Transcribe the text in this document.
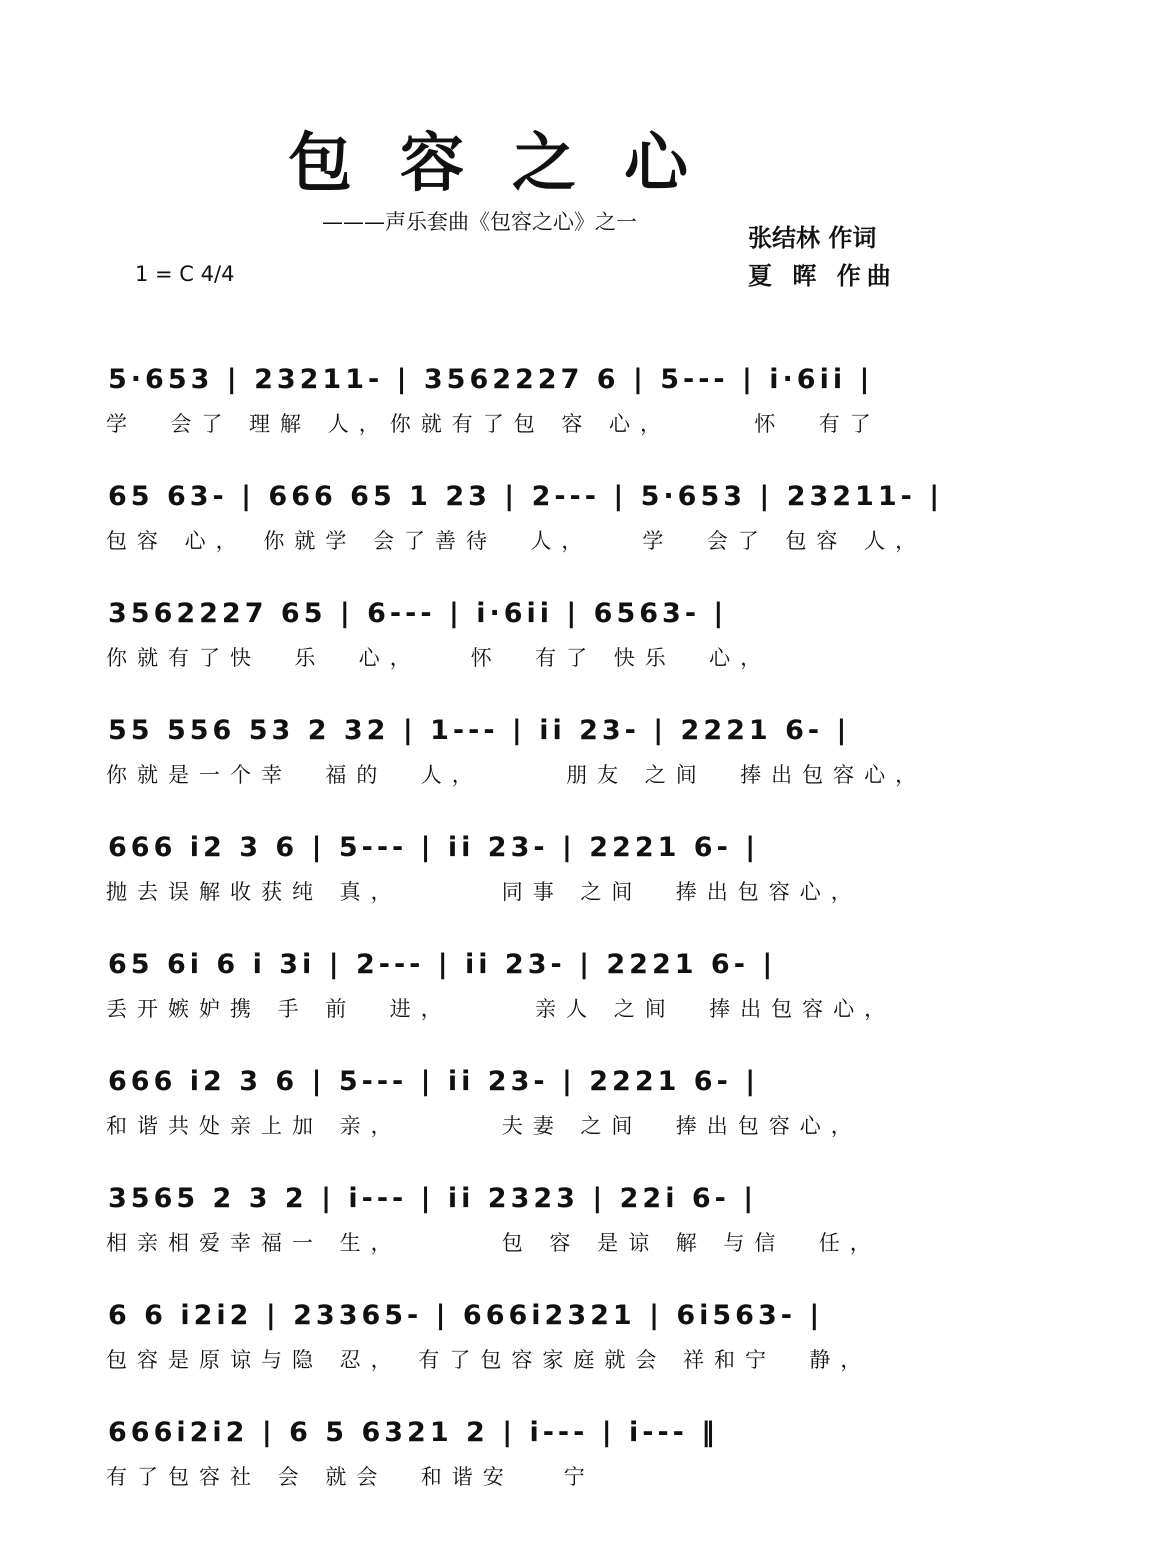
包容之心
———声乐套曲《包容之心》之一
1 = C 4/4
张结林 作词
夏 晖 作曲
5·653 | 23211- | 3562227 6 | 5--- | i·6ii |
学  会了 理解 人，你就有了包 容 心，     怀  有了
65 63- | 666 65 1 23 | 2--- | 5·653 | 23211- |
包容 心， 你就学 会了善待  人，   学  会了 包容 人，
3562227 65 | 6--- | i·6ii | 6563- |
你就有了快  乐  心，   怀  有了 快乐  心，
55 556 53 2 32 | 1--- | ii 23- | 2221 6- |
你就是一个幸  福的  人，     朋友 之间  捧出包容心，
666 i2 3 6 | 5--- | ii 23- | 2221 6- |
抛去误解收获纯 真，      同事 之间  捧出包容心，
65 6i 6 i 3i | 2--- | ii 23- | 2221 6- |
丢开嫉妒携 手 前  进，     亲人 之间  捧出包容心，
666 i2 3 6 | 5--- | ii 23- | 2221 6- |
和谐共处亲上加 亲，      夫妻 之间  捧出包容心，
3565 2 3 2 | i--- | ii 2323 | 22i 6- |
相亲相爱幸福一 生，      包 容 是谅 解 与信  任，
6 6 i2i2 | 23365- | 666i2321 | 6i563- |
包容是原谅与隐 忍， 有了包容家庭就会 祥和宁  静，
666i2i2 | 6 5 6321 2 | i--- | i--- ‖
有了包容社 会 就会  和谐安   宁
